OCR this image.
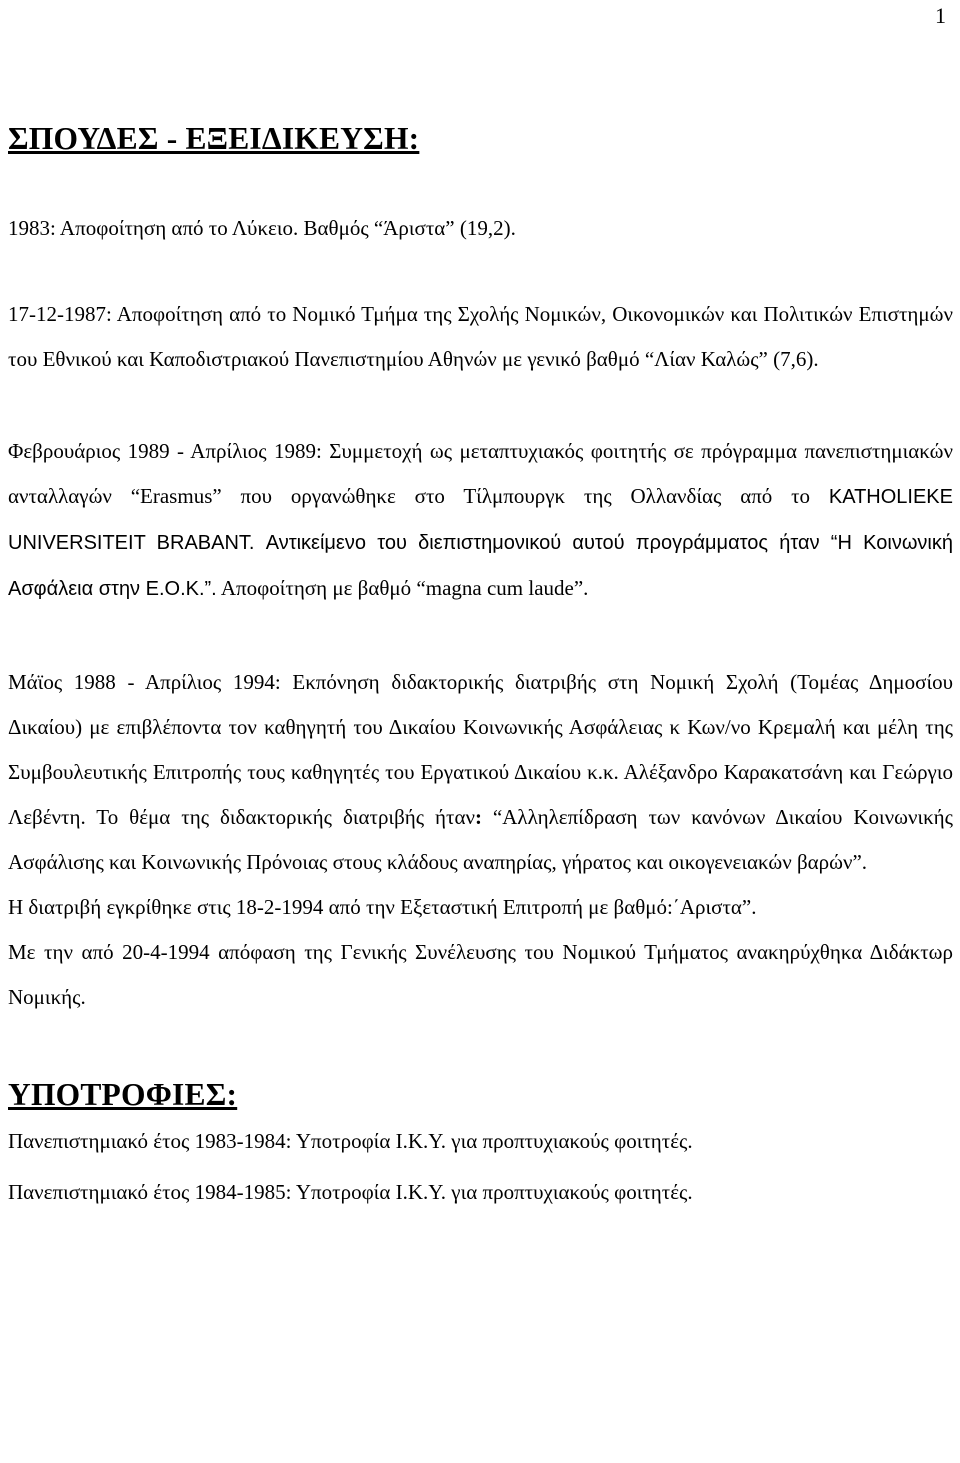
1
ΣΠΟΥΔΕΣ - ΕΞΕΙΔΙΚΕΥΣΗ:

1983: Αποφοίτηση από το Λύκειο. Βαθμός “Άριστα” (19,2).

17-12-1987: Αποφοίτηση από το Νομικό Τμήμα της Σχολής Νομικών, Οικονομικών και Πολιτικών Επιστημών του Εθνικού και Καποδιστριακού Πανεπιστημίου Αθηνών με γενικό βαθμό “Λίαν Καλώς” (7,6).

Φεβρουάριος 1989 - Απρίλιος 1989: Συμμετοχή ως μεταπτυχιακός φοιτητής σε πρόγραμμα πανεπιστημιακών ανταλλαγών “Erasmus” που οργανώθηκε στο Τίλμπουργκ της Ολλανδίας από το KATHOLIEKE UNIVERSITEIT BRABANT. Αντικείμενο του διεπιστημονικού αυτού προγράμματος ήταν “Η Κοινωνική Ασφάλεια στην Ε.Ο.Κ.”. Αποφοίτηση με βαθμό “magna cum laude”.

Μάϊος 1988 - Απρίλιος 1994: Εκπόνηση διδακτορικής διατριβής στη Νομική Σχολή (Τομέας Δημοσίου Δικαίου) με επιβλέποντα τον καθηγητή του Δικαίου Κοινωνικής Ασφάλειας κ Κων/νο Κρεμαλή και μέλη της Συμβουλευτικής Επιτροπής τους καθηγητές του Εργατικού Δικαίου κ.κ. Αλέξανδρο Καρακατσάνη και Γεώργιο Λεβέντη. Το θέμα της διδακτορικής διατριβής ήταν: “Αλληλεπίδραση των κανόνων Δικαίου Κοινωνικής Ασφάλισης και Κοινωνικής Πρόνοιας στους κλάδους αναπηρίας, γήρατος και οικογενειακών βαρών”.

Η διατριβή εγκρίθηκε στις 18-2-1994 από την Εξεταστική Επιτροπή με βαθμό:΄Αριστα”.

Με την από 20-4-1994 απόφαση της Γενικής Συνέλευσης του Νομικού Τμήματος ανακηρύχθηκα Διδάκτωρ Νομικής.

ΥΠΟΤΡΟΦΙΕΣ:

Πανεπιστημιακό έτος 1983-1984: Υποτροφία Ι.Κ.Υ. για προπτυχιακούς φοιτητές.

Πανεπιστημιακό έτος 1984-1985: Υποτροφία Ι.Κ.Υ. για προπτυχιακούς φοιτητές.
